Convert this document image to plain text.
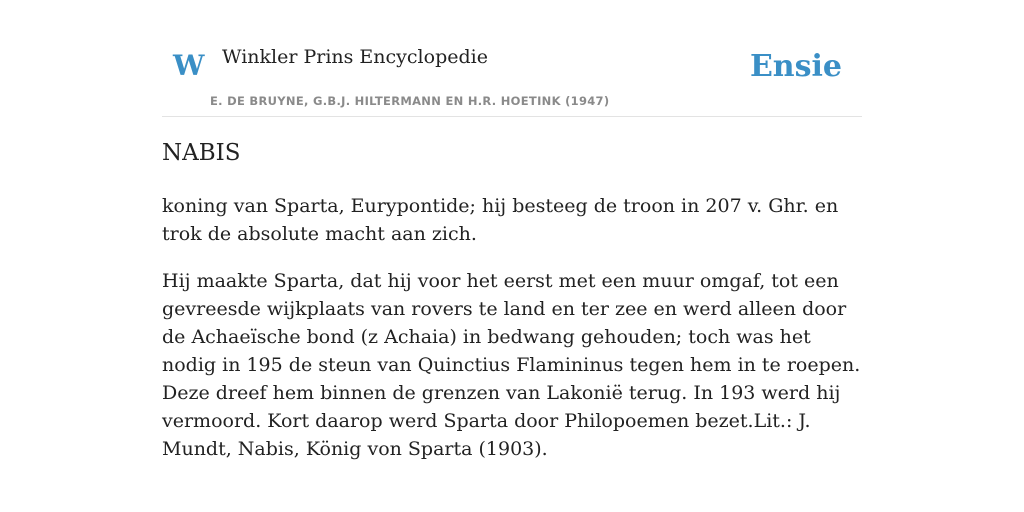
W Winkler Prins Encyclopedie
E. DE BRUYNE, G.B.J. HILTERMANN EN H.R. HOETINK (1947)
Ensie
NABIS

koning van Sparta, Eurypontide; hij besteeg de troon in 207 v. Ghr. en trok de absolute macht aan zich.

Hij maakte Sparta, dat hij voor het eerst met een muur omgaf, tot een gevreesde wijkplaats van rovers te land en ter zee en werd alleen door de Achaeïsche bond (z Achaia) in bedwang gehouden; toch was het nodig in 195 de steun van Quinctius Flamininus tegen hem in te roepen. Deze dreef hem binnen de grenzen van Lakonië terug. In 193 werd hij vermoord. Kort daarop werd Sparta door Philopoemen bezet.Lit.: J. Mundt, Nabis, König von Sparta (1903).
